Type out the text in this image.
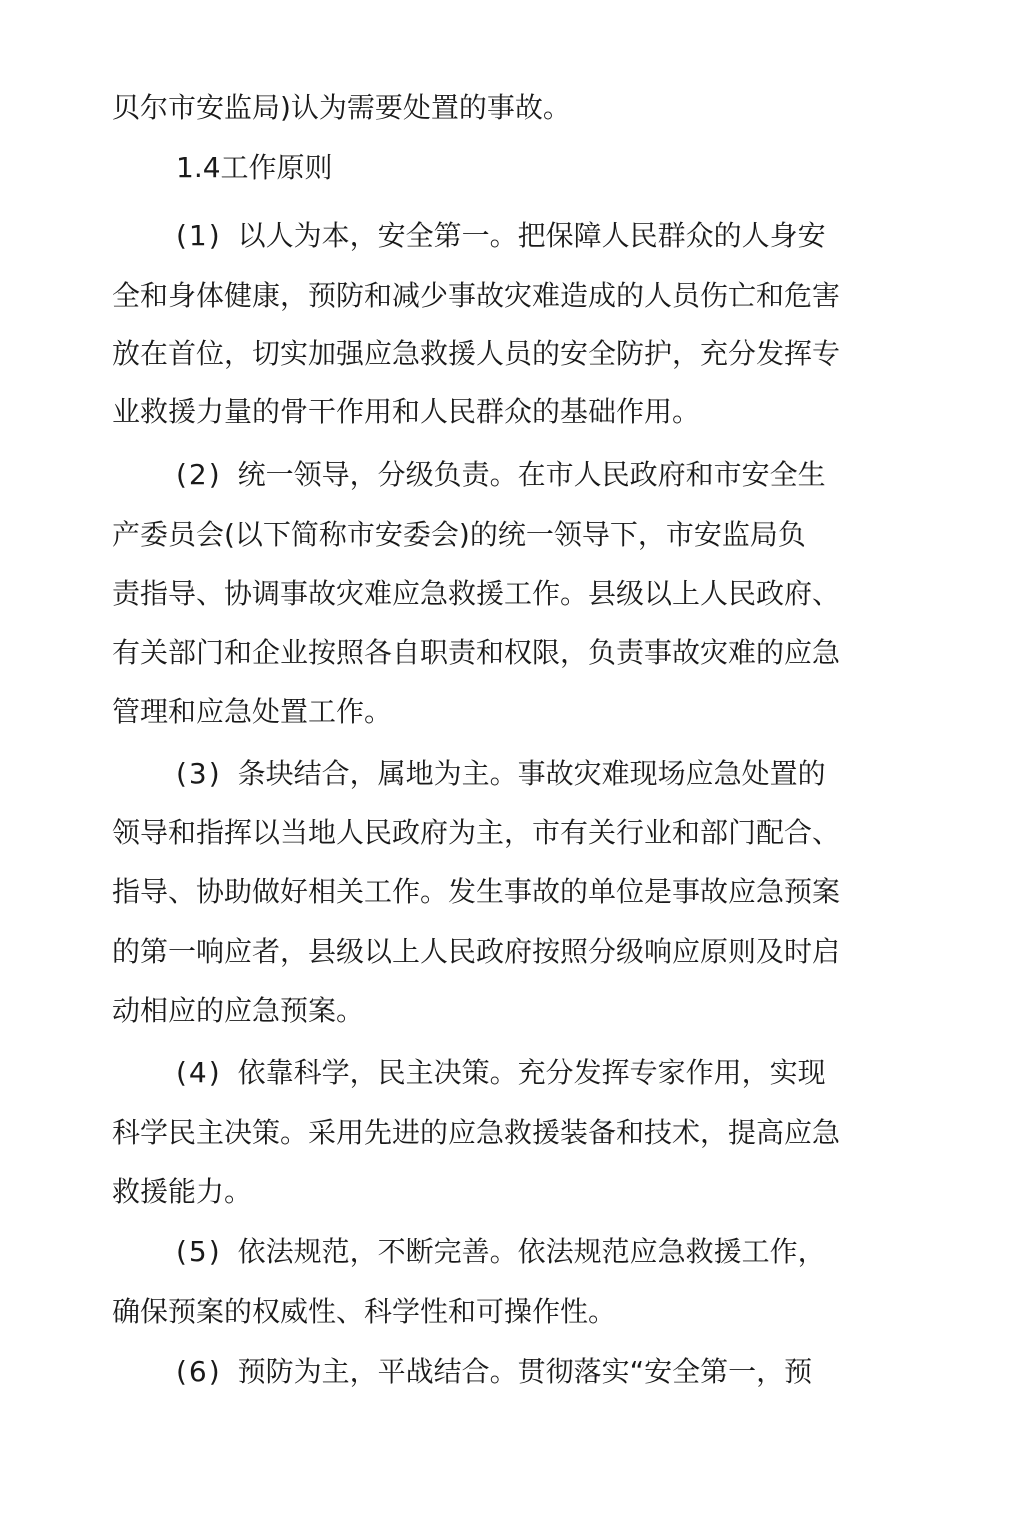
贝尔市安监局)认为需要处置的事故。

1.4工作原则

(1) 以人为本，安全第一。把保障人民群众的人身安

全和身体健康，预防和减少事故灾难造成的人员伤亡和危害

放在首位，切实加强应急救援人员的安全防护，充分发挥专

业救援力量的骨干作用和人民群众的基础作用。

(2) 统一领导，分级负责。在市人民政府和市安全生

产委员会(以下简称市安委会)的统一领导下，市安监局负

责指导、协调事故灾难应急救援工作。县级以上人民政府、

有关部门和企业按照各自职责和权限，负责事故灾难的应急

管理和应急处置工作。

(3) 条块结合，属地为主。事故灾难现场应急处置的

领导和指挥以当地人民政府为主，市有关行业和部门配合、

指导、协助做好相关工作。发生事故的单位是事故应急预案

的第一响应者，县级以上人民政府按照分级响应原则及时启

动相应的应急预案。

(4) 依靠科学，民主决策。充分发挥专家作用，实现

科学民主决策。采用先进的应急救援装备和技术，提高应急

救援能力。

(5) 依法规范，不断完善。依法规范应急救援工作，

确保预案的权威性、科学性和可操作性。

(6) 预防为主，平战结合。贯彻落实“安全第一，预
